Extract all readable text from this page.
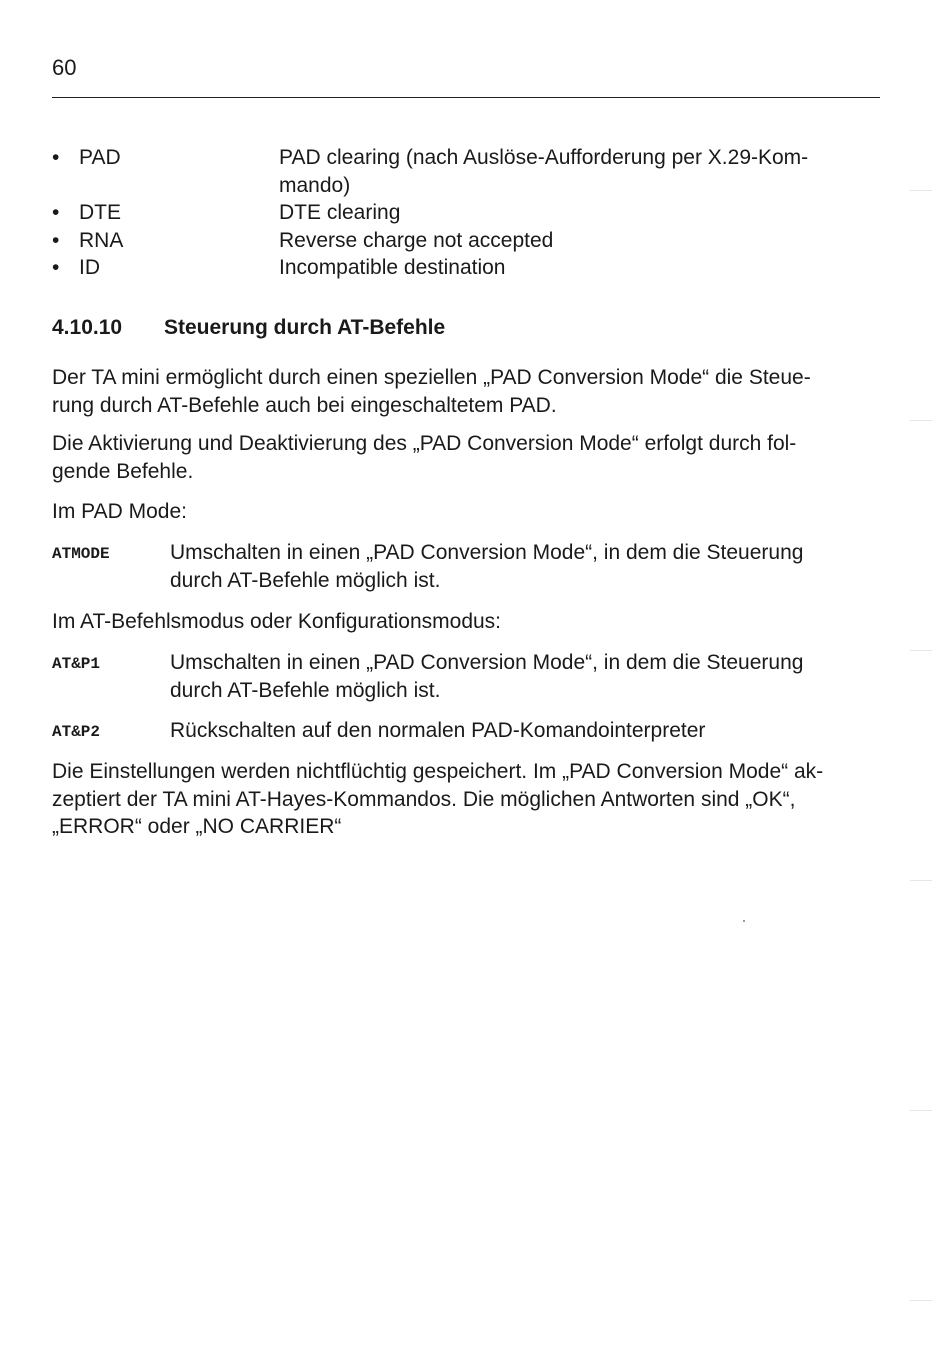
60
• PAD	PAD clearing (nach Auslöse-Aufforderung per X.29-Kom-
mando)
• DTE	DTE clearing
• RNA	Reverse charge not accepted
• ID	Incompatible destination
4.10.10 Steuerung durch AT-Befehle
Der TA mini ermöglicht durch einen speziellen „PAD Conversion Mode“ die Steue-
rung durch AT-Befehle auch bei eingeschaltetem PAD.
Die Aktivierung und Deaktivierung des „PAD Conversion Mode“ erfolgt durch fol-
gende Befehle.
Im PAD Mode:
ATMODE	Umschalten in einen „PAD Conversion Mode“, in dem die Steuerung
durch AT-Befehle möglich ist.
Im AT-Befehlsmodus oder Konfigurationsmodus:
AT&P1	Umschalten in einen „PAD Conversion Mode“, in dem die Steuerung
durch AT-Befehle möglich ist.
AT&P2	Rückschalten auf den normalen PAD-Komandointerpreter
Die Einstellungen werden nichtflüchtig gespeichert. Im „PAD Conversion Mode“ ak-
zeptiert der TA mini AT-Hayes-Kommandos. Die möglichen Antworten sind „OK“,
„ERROR“ oder „NO CARRIER“
